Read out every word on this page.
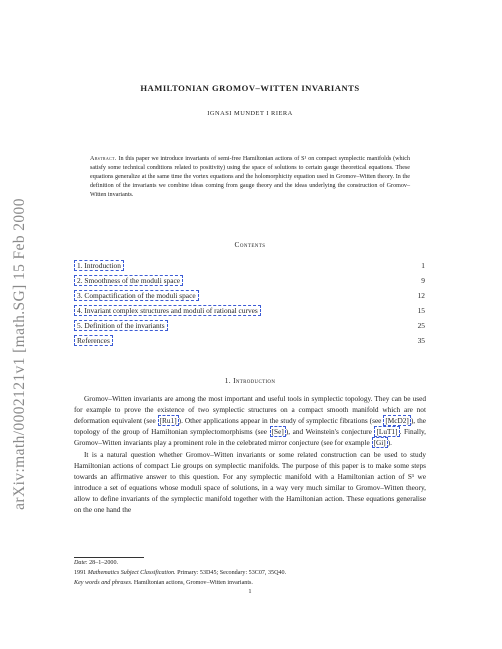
arXiv:math/0002121v1 [math.SG] 15 Feb 2000
HAMILTONIAN GROMOV–WITTEN INVARIANTS
IGNASI MUNDET I RIERA
Abstract. In this paper we introduce invariants of semi-free Hamiltonian actions of S¹ on compact symplectic manifolds (which satisfy some technical conditions related to positivity) using the space of solutions to certain gauge theoretical equations. These equations generalize at the same time the vortex equations and the holomorphicity equation used in Gromov–Witten theory. In the definition of the invariants we combine ideas coming from gauge theory and the ideas underlying the construction of Gromov–Witten invariants.
Contents
1. Introduction	1
2. Smoothness of the moduli space	9
3. Compactification of the moduli space	12
4. Invariant complex structures and moduli of rational curves	15
5. Definition of the invariants	25
References	35
1. Introduction

Gromov–Witten invariants are among the most important and useful tools in symplectic topology. They can be used for example to prove the existence of two symplectic structures on a compact smooth manifold which are not deformation equivalent (see [Ru1] ). Other applications appear in the study of symplectic fibrations (see [McD2] ), the topology of the group of Hamiltonian symplectomorphisms (see [Se] ), and Weinstein's conjecture [LuT1] . Finally, Gromov–Witten invariants play a prominent role in the celebrated mirror conjecture (see for example [Gi] ).

It is a natural question whether Gromov–Witten invariants or some related construction can be used to study Hamiltonian actions of compact Lie groups on symplectic manifolds. The purpose of this paper is to make some steps towards an affirmative answer to this question. For any symplectic manifold with a Hamiltonian action of S¹ we introduce a set of equations whose moduli space of solutions, in a way very much similar to Gromov–Witten theory, allow to define invariants of the symplectic manifold together with the Hamiltonian action. These equations generalise on the one hand the

Date: 28–1–2000.
1991 Mathematics Subject Classification. Primary: 53D45; Secondary: 53C07, 35Q40.
Key words and phrases. Hamiltonian actions, Gromov–Witten invariants.
1
